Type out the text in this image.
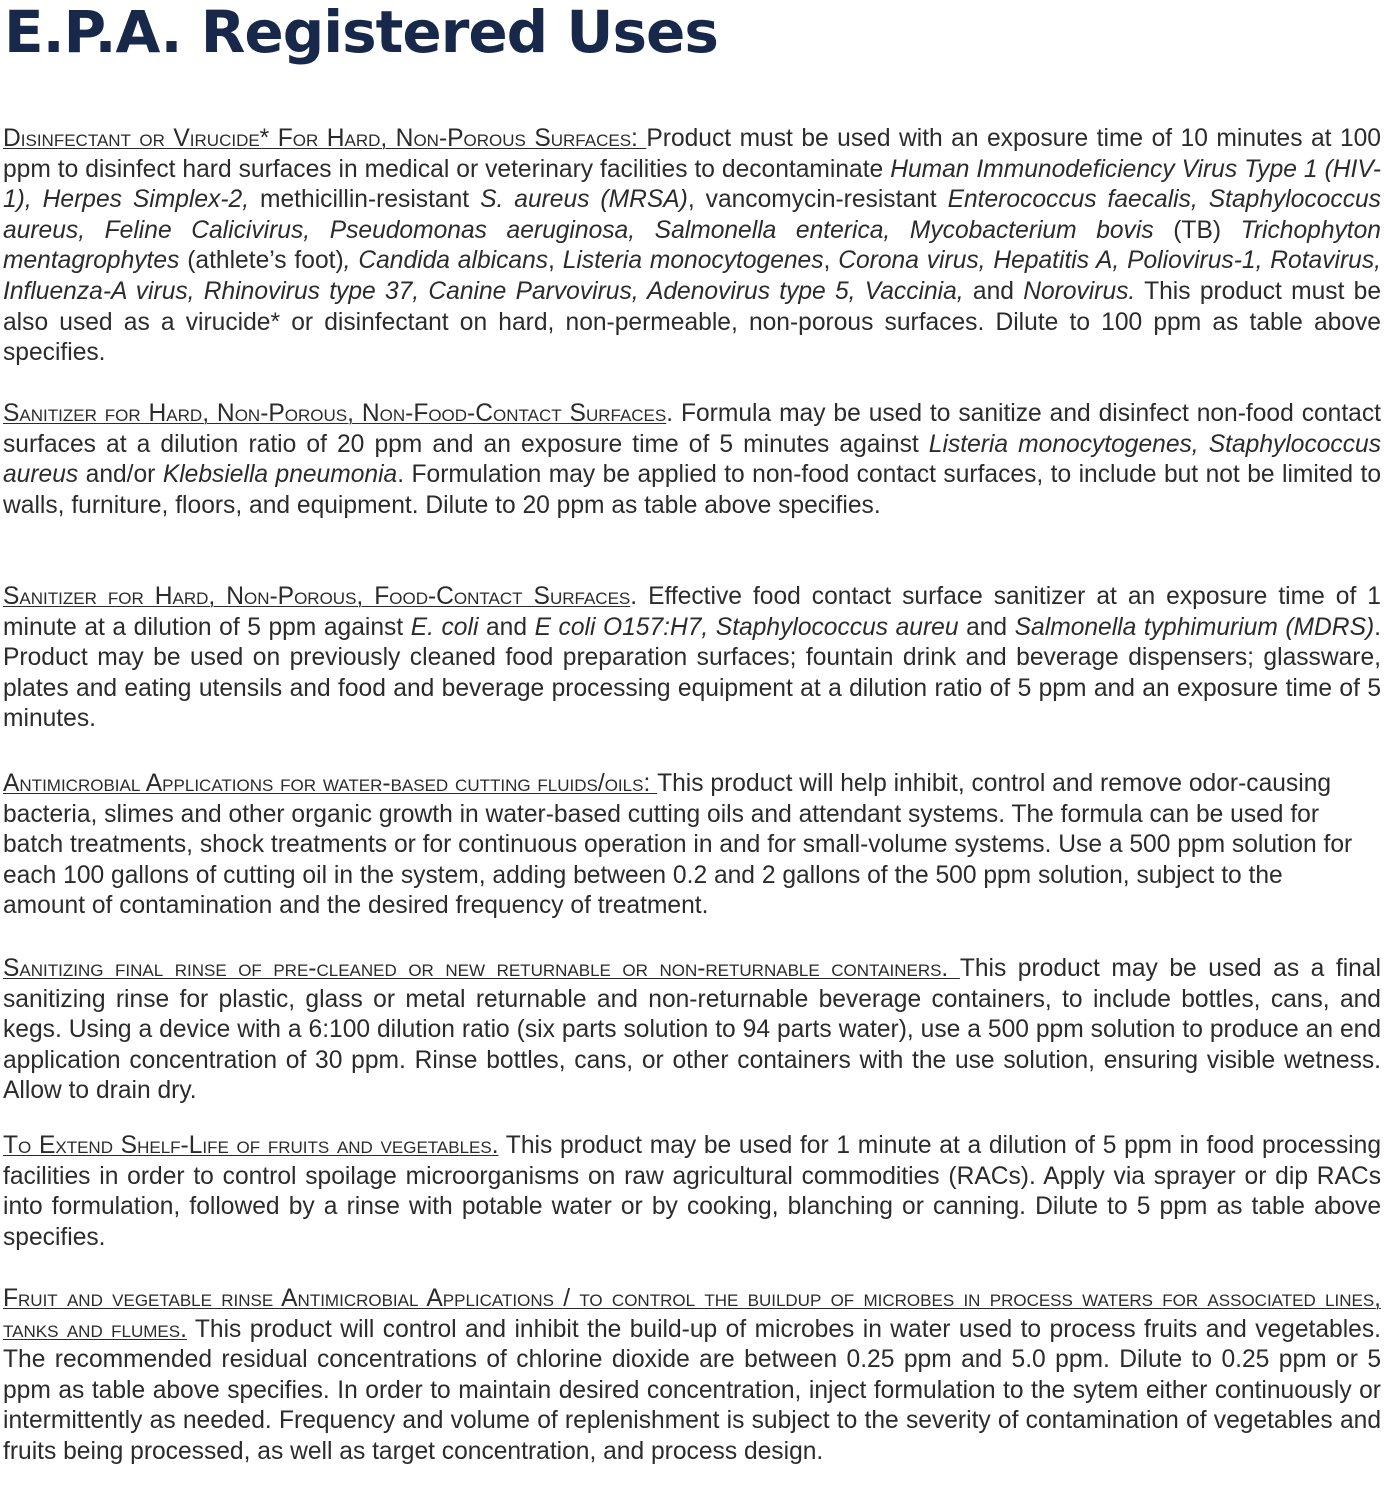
E.P.A. Registered Uses

Disinfectant or Virucide* For Hard, Non-Porous Surfaces: Product must be used with an exposure time of 10 minutes at 100 ppm to disinfect hard surfaces in medical or veterinary facilities to decontaminate Human Immunodeficiency Virus Type 1 (HIV-1), Herpes Simplex-2, methicillin-resistant S. aureus (MRSA), vancomycin-resistant Enterococcus faecalis, Staphylococcus aureus, Feline Calicivirus, Pseudomonas aeruginosa, Salmonella enterica, Mycobacterium bovis (TB) Trichophyton mentagrophytes (athlete’s foot), Candida albicans, Listeria monocytogenes, Corona virus, Hepatitis A, Poliovirus-1, Rotavirus, Influenza-A virus, Rhinovirus type 37, Canine Parvovirus, Adenovirus type 5, Vaccinia, and Norovirus. This product must be also used as a virucide* or disinfectant on hard, non-permeable, non-porous surfaces. Dilute to 100 ppm as table above specifies.

Sanitizer for Hard, Non-Porous, Non-Food-Contact Surfaces. Formula may be used to sanitize and disinfect non-food contact surfaces at a dilution ratio of 20 ppm and an exposure time of 5 minutes against Listeria monocytogenes, Staphylococcus aureus and/or Klebsiella pneumonia. Formulation may be applied to non-food contact surfaces, to include but not be limited to walls, furniture, floors, and equipment. Dilute to 20 ppm as table above specifies.

Sanitizer for Hard, Non-Porous, Food-Contact Surfaces. Effective food contact surface sanitizer at an exposure time of 1 minute at a dilution of 5 ppm against E. coli and E coli O157:H7, Staphylococcus aureu and Salmonella typhimurium (MDRS). Product may be used on previously cleaned food preparation surfaces; fountain drink and beverage dispensers; glassware, plates and eating utensils and food and beverage processing equipment at a dilution ratio of 5 ppm and an exposure time of 5 minutes.

Antimicrobial Applications for water-based cutting fluids/oils: This product will help inhibit, control and remove odor-causing bacteria, slimes and other organic growth in water-based cutting oils and attendant systems. The formula can be used for batch treatments, shock treatments or for continuous operation in and for small-volume systems. Use a 500 ppm solution for each 100 gallons of cutting oil in the system, adding between 0.2 and 2 gallons of the 500 ppm solution, subject to the amount of contamination and the desired frequency of treatment.

Sanitizing final rinse of pre-cleaned or new returnable or non-returnable containers. This product may be used as a final sanitizing rinse for plastic, glass or metal returnable and non-returnable beverage containers, to include bottles, cans, and kegs. Using a device with a 6:100 dilution ratio (six parts solution to 94 parts water), use a 500 ppm solution to produce an end application concentration of 30 ppm. Rinse bottles, cans, or other containers with the use solution, ensuring visible wetness. Allow to drain dry.

To Extend Shelf-Life of fruits and vegetables. This product may be used for 1 minute at a dilution of 5 ppm in food processing facilities in order to control spoilage microorganisms on raw agricultural commodities (RACs). Apply via sprayer or dip RACs into formulation, followed by a rinse with potable water or by cooking, blanching or canning. Dilute to 5 ppm as table above specifies.

Fruit and vegetable rinse Antimicrobial Applications / to control the buildup of microbes in process waters for associated lines, tanks and flumes. This product will control and inhibit the build-up of microbes in water used to process fruits and vegetables. The recommended residual concentrations of chlorine dioxide are between 0.25 ppm and 5.0 ppm. Dilute to 0.25 ppm or 5 ppm as table above specifies. In order to maintain desired concentration, inject formulation to the sytem either continuously or intermittently as needed. Frequency and volume of replenishment is subject to the severity of contamination of vegetables and fruits being processed, as well as target concentration, and process design.
